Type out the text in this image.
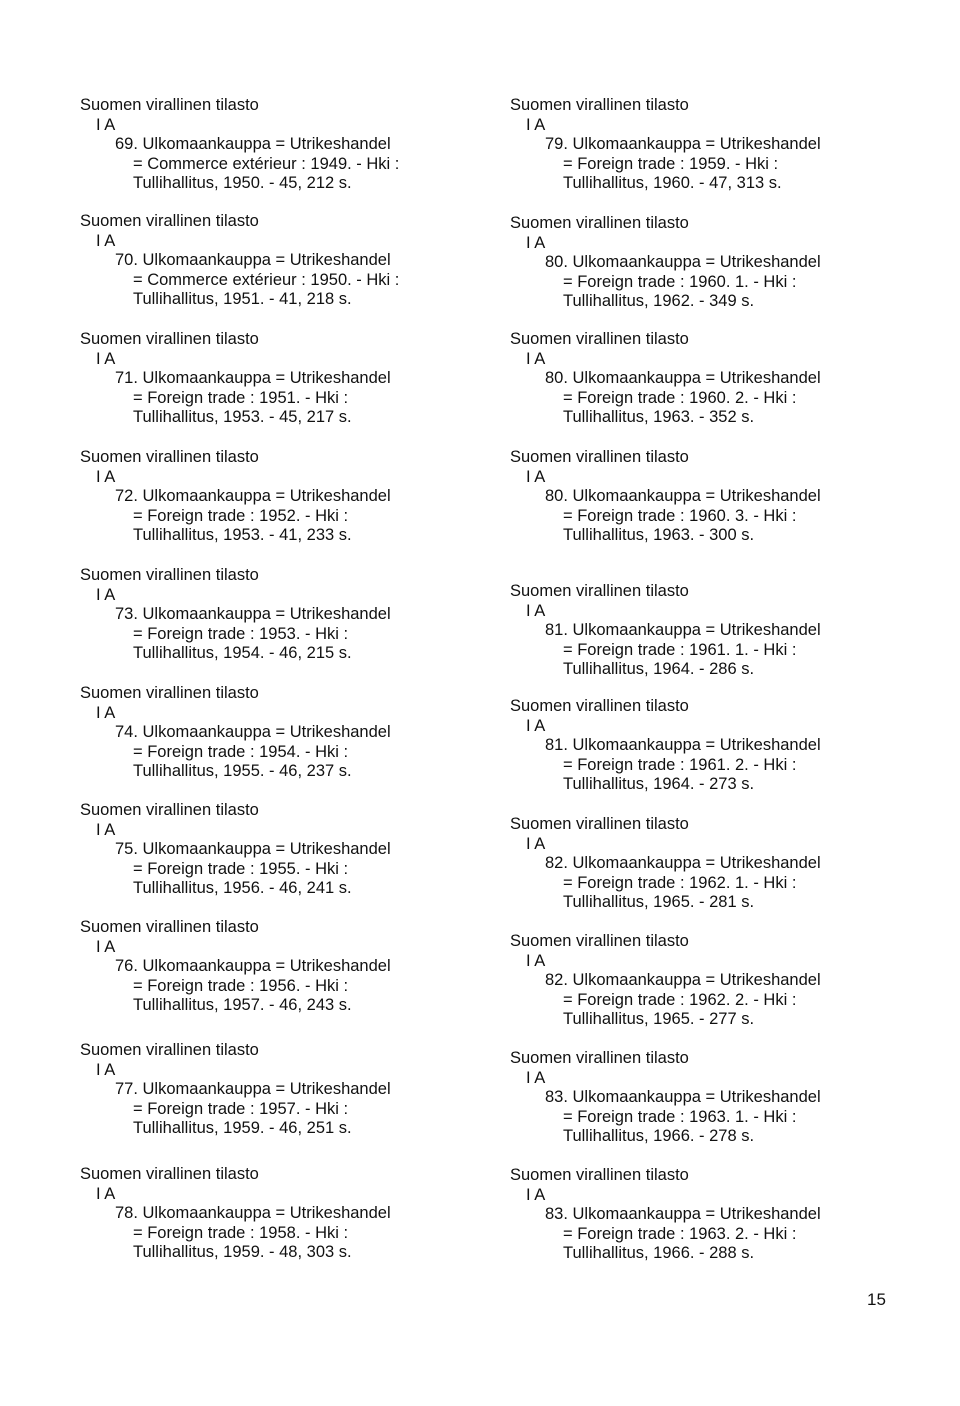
Suomen virallinen tilasto
I A
69. Ulkomaankauppa = Utrikeshandel
= Commerce extérieur : 1949. - Hki :
Tullihallitus, 1950. - 45, 212 s.
Suomen virallinen tilasto
I A
70. Ulkomaankauppa = Utrikeshandel
= Commerce extérieur : 1950. - Hki :
Tullihallitus, 1951. - 41, 218 s.
Suomen virallinen tilasto
I A
71. Ulkomaankauppa = Utrikeshandel
= Foreign trade : 1951. - Hki :
Tullihallitus, 1953. - 45, 217 s.
Suomen virallinen tilasto
I A
72. Ulkomaankauppa = Utrikeshandel
= Foreign trade : 1952. - Hki :
Tullihallitus, 1953. - 41, 233 s.
Suomen virallinen tilasto
I A
73. Ulkomaankauppa = Utrikeshandel
= Foreign trade : 1953. - Hki :
Tullihallitus, 1954. - 46, 215 s.
Suomen virallinen tilasto
I A
74. Ulkomaankauppa = Utrikeshandel
= Foreign trade : 1954. - Hki :
Tullihallitus, 1955. - 46, 237 s.
Suomen virallinen tilasto
I A
75. Ulkomaankauppa = Utrikeshandel
= Foreign trade : 1955. - Hki :
Tullihallitus, 1956. - 46, 241 s.
Suomen virallinen tilasto
I A
76. Ulkomaankauppa = Utrikeshandel
= Foreign trade : 1956. - Hki :
Tullihallitus, 1957. - 46, 243 s.
Suomen virallinen tilasto
I A
77. Ulkomaankauppa = Utrikeshandel
= Foreign trade : 1957. - Hki :
Tullihallitus, 1959. - 46, 251 s.
Suomen virallinen tilasto
I A
78. Ulkomaankauppa = Utrikeshandel
= Foreign trade : 1958. - Hki :
Tullihallitus, 1959. - 48, 303 s.
Suomen virallinen tilasto
I A
79. Ulkomaankauppa = Utrikeshandel
= Foreign trade : 1959. - Hki :
Tullihallitus, 1960. - 47, 313 s.
Suomen virallinen tilasto
I A
80. Ulkomaankauppa = Utrikeshandel
= Foreign trade : 1960. 1. - Hki :
Tullihallitus, 1962. - 349 s.
Suomen virallinen tilasto
I A
80. Ulkomaankauppa = Utrikeshandel
= Foreign trade : 1960. 2. - Hki :
Tullihallitus, 1963. - 352 s.
Suomen virallinen tilasto
I A
80. Ulkomaankauppa = Utrikeshandel
= Foreign trade : 1960. 3. - Hki :
Tullihallitus, 1963. - 300 s.
Suomen virallinen tilasto
I A
81. Ulkomaankauppa = Utrikeshandel
= Foreign trade : 1961. 1. - Hki :
Tullihallitus, 1964. - 286 s.
Suomen virallinen tilasto
I A
81. Ulkomaankauppa = Utrikeshandel
= Foreign trade : 1961. 2. - Hki :
Tullihallitus, 1964. - 273 s.
Suomen virallinen tilasto
I A
82. Ulkomaankauppa = Utrikeshandel
= Foreign trade : 1962. 1. - Hki :
Tullihallitus, 1965. - 281 s.
Suomen virallinen tilasto
I A
82. Ulkomaankauppa = Utrikeshandel
= Foreign trade : 1962. 2. - Hki :
Tullihallitus, 1965. - 277 s.
Suomen virallinen tilasto
I A
83. Ulkomaankauppa = Utrikeshandel
= Foreign trade : 1963. 1. - Hki :
Tullihallitus, 1966. - 278 s.
Suomen virallinen tilasto
I A
83. Ulkomaankauppa = Utrikeshandel
= Foreign trade : 1963. 2. - Hki :
Tullihallitus, 1966. - 288 s.
15
